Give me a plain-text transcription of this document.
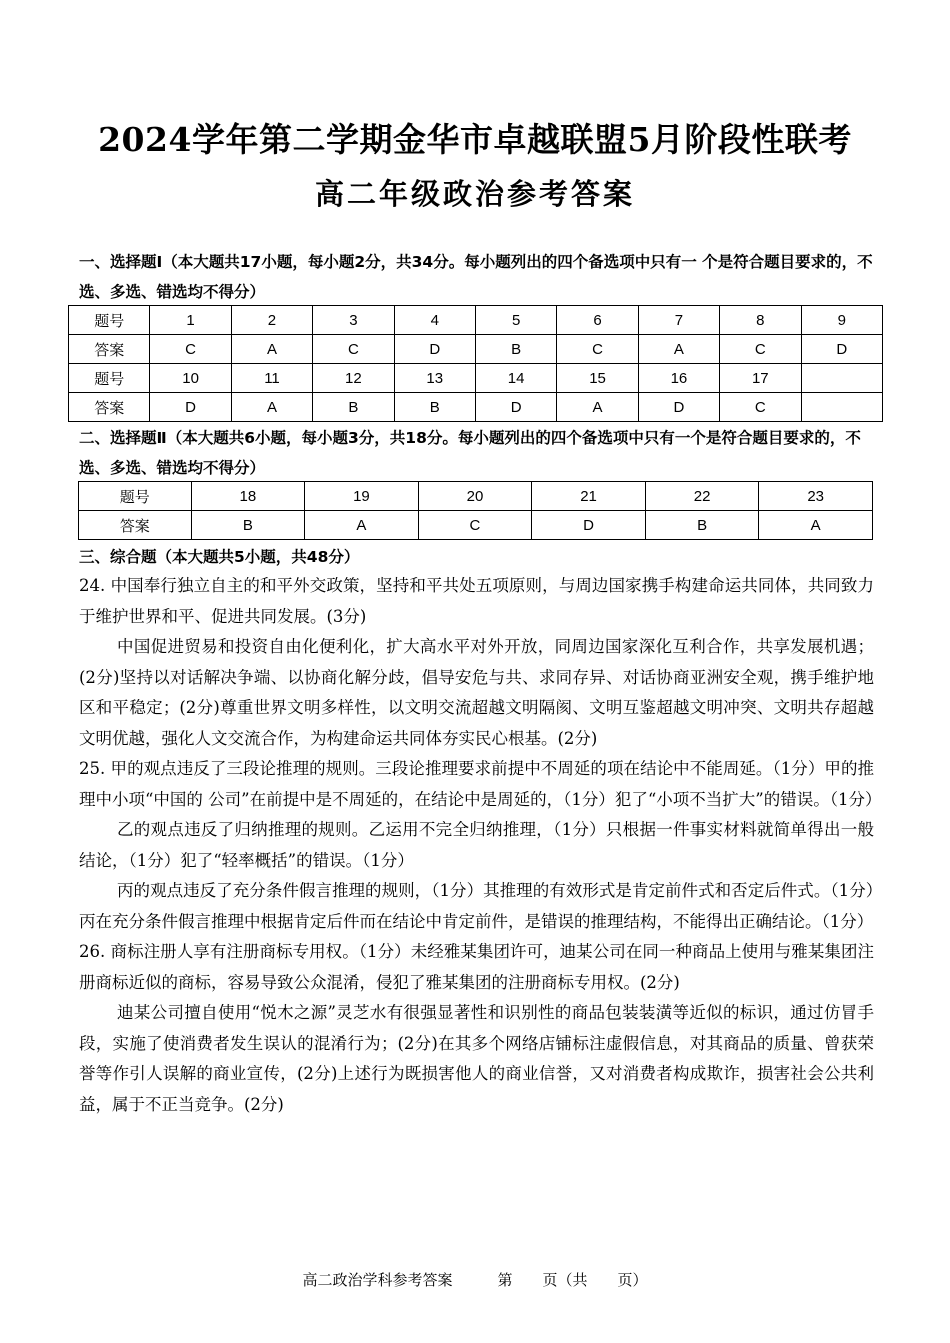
2024学年第二学期金华市卓越联盟5月阶段性联考
高二年级政治参考答案
一、选择题Ⅰ（本大题共17小题，每小题2分，共34分。每小题列出的四个备选项中只有一 个是符合题目要求的，不选、多选、错选均不得分）
题号	1	2	3	4	5	6	7	8	9
答案	C	A	C	D	B	C	A	C	D
题号	10	11	12	13	14	15	16	17	
答案	D	A	B	B	D	A	D	C	
二、选择题Ⅱ（本大题共6小题，每小题3分，共18分。每小题列出的四个备选项中只有一个是符合题目要求的，不选、多选、错选均不得分）
题号	18	19	20	21	22	23
答案	B	A	C	D	B	A
三、综合题（本大题共5小题，共48分）

24. 中国奉行独立自主的和平外交政策，坚持和平共处五项原则，与周边国家携手构建命运共同体，共同致力于维护世界和平、促进共同发展。(3分)

中国促进贸易和投资自由化便利化，扩大高水平对外开放，同周边国家深化互利合作，共享发展机遇；(2分)坚持以对话解决争端、以协商化解分歧，倡导安危与共、求同存异、对话协商亚洲安全观，携手维护地区和平稳定；(2分)尊重世界文明多样性，以文明交流超越文明隔阂、文明互鉴超越文明冲突、文明共存超越文明优越，强化人文交流合作，为构建命运共同体夯实民心根基。(2分)

25. 甲的观点违反了三段论推理的规则。三段论推理要求前提中不周延的项在结论中不能周延。（1分）甲的推理中小项“中国的 公司”在前提中是不周延的，在结论中是周延的，（1分）犯了“小项不当扩大”的错误。（1分）

乙的观点违反了归纳推理的规则。乙运用不完全归纳推理，（1分）只根据一件事实材料就简单得出一般结论，（1分）犯了“轻率概括”的错误。（1分）

丙的观点违反了充分条件假言推理的规则，（1分）其推理的有效形式是肯定前件式和否定后件式。（1分）丙在充分条件假言推理中根据肯定后件而在结论中肯定前件，是错误的推理结构，不能得出正确结论。（1分）

26. 商标注册人享有注册商标专用权。（1分）未经雅某集团许可，迪某公司在同一种商品上使用与雅某集团注册商标近似的商标，容易导致公众混淆，侵犯了雅某集团的注册商标专用权。(2分)

迪某公司擅自使用“悦木之源”灵芝水有很强显著性和识别性的商品包装装潢等近似的标识，通过仿冒手段，实施了使消费者发生误认的混淆行为；(2分)在其多个网络店铺标注虚假信息，对其商品的质量、曾获荣誉等作引人误解的商业宣传，(2分)上述行为既损害他人的商业信誉，又对消费者构成欺诈，损害社会公共利益，属于不正当竞争。(2分)

高二政治学科参考答案　　　第　　页（共　　页）
